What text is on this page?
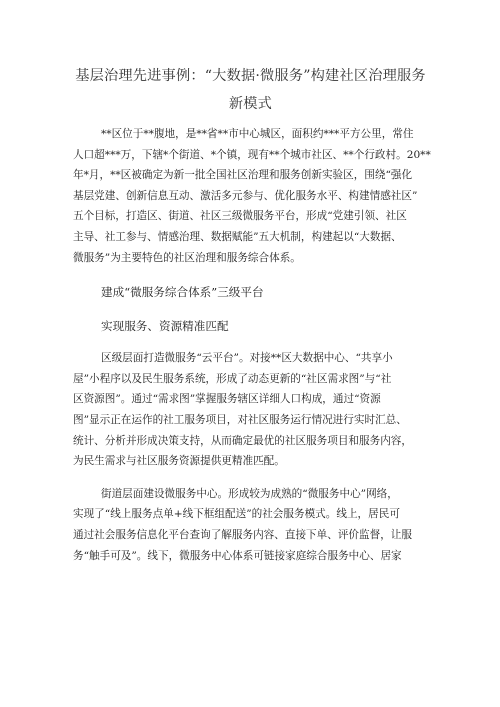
基层治理先进事例：“大数据·微服务”构建社区治理服务
新模式

**区位于**腹地，是**省**市中心城区，面积约***平方公里，常住
人口超***万，下辖*个街道、*个镇，现有**个城市社区、**个行政村。20**
年*月，**区被确定为新一批全国社区治理和服务创新实验区，围绕“强化
基层党建、创新信息互动、激活多元参与、优化服务水平、构建情感社区”
五个目标，打造区、街道、社区三级微服务平台，形成“党建引领、社区
主导、社工参与、情感治理、数据赋能”五大机制，构建起以“大数据、
微服务”为主要特色的社区治理和服务综合体系。

建成“微服务综合体系”三级平台

实现服务、资源精准匹配

区级层面打造微服务“云平台”。对接**区大数据中心、“共享小
屋”小程序以及民生服务系统，形成了动态更新的“社区需求图”与“社
区资源图”。通过“需求图”掌握服务辖区详细人口构成，通过“资源
图”显示正在运作的社工服务项目，对社区服务运行情况进行实时汇总、
统计、分析并形成决策支持，从而确定最优的社区服务项目和服务内容，
为民生需求与社区服务资源提供更精准匹配。

街道层面建设微服务中心。形成较为成熟的“微服务中心”网络，
实现了“线上服务点单+线下框组配送”的社会服务模式。线上，居民可
通过社会服务信息化平台查询了解服务内容、直接下单、评价监督，让服
务“触手可及”。线下，微服务中心体系可链接家庭综合服务中心、居家
